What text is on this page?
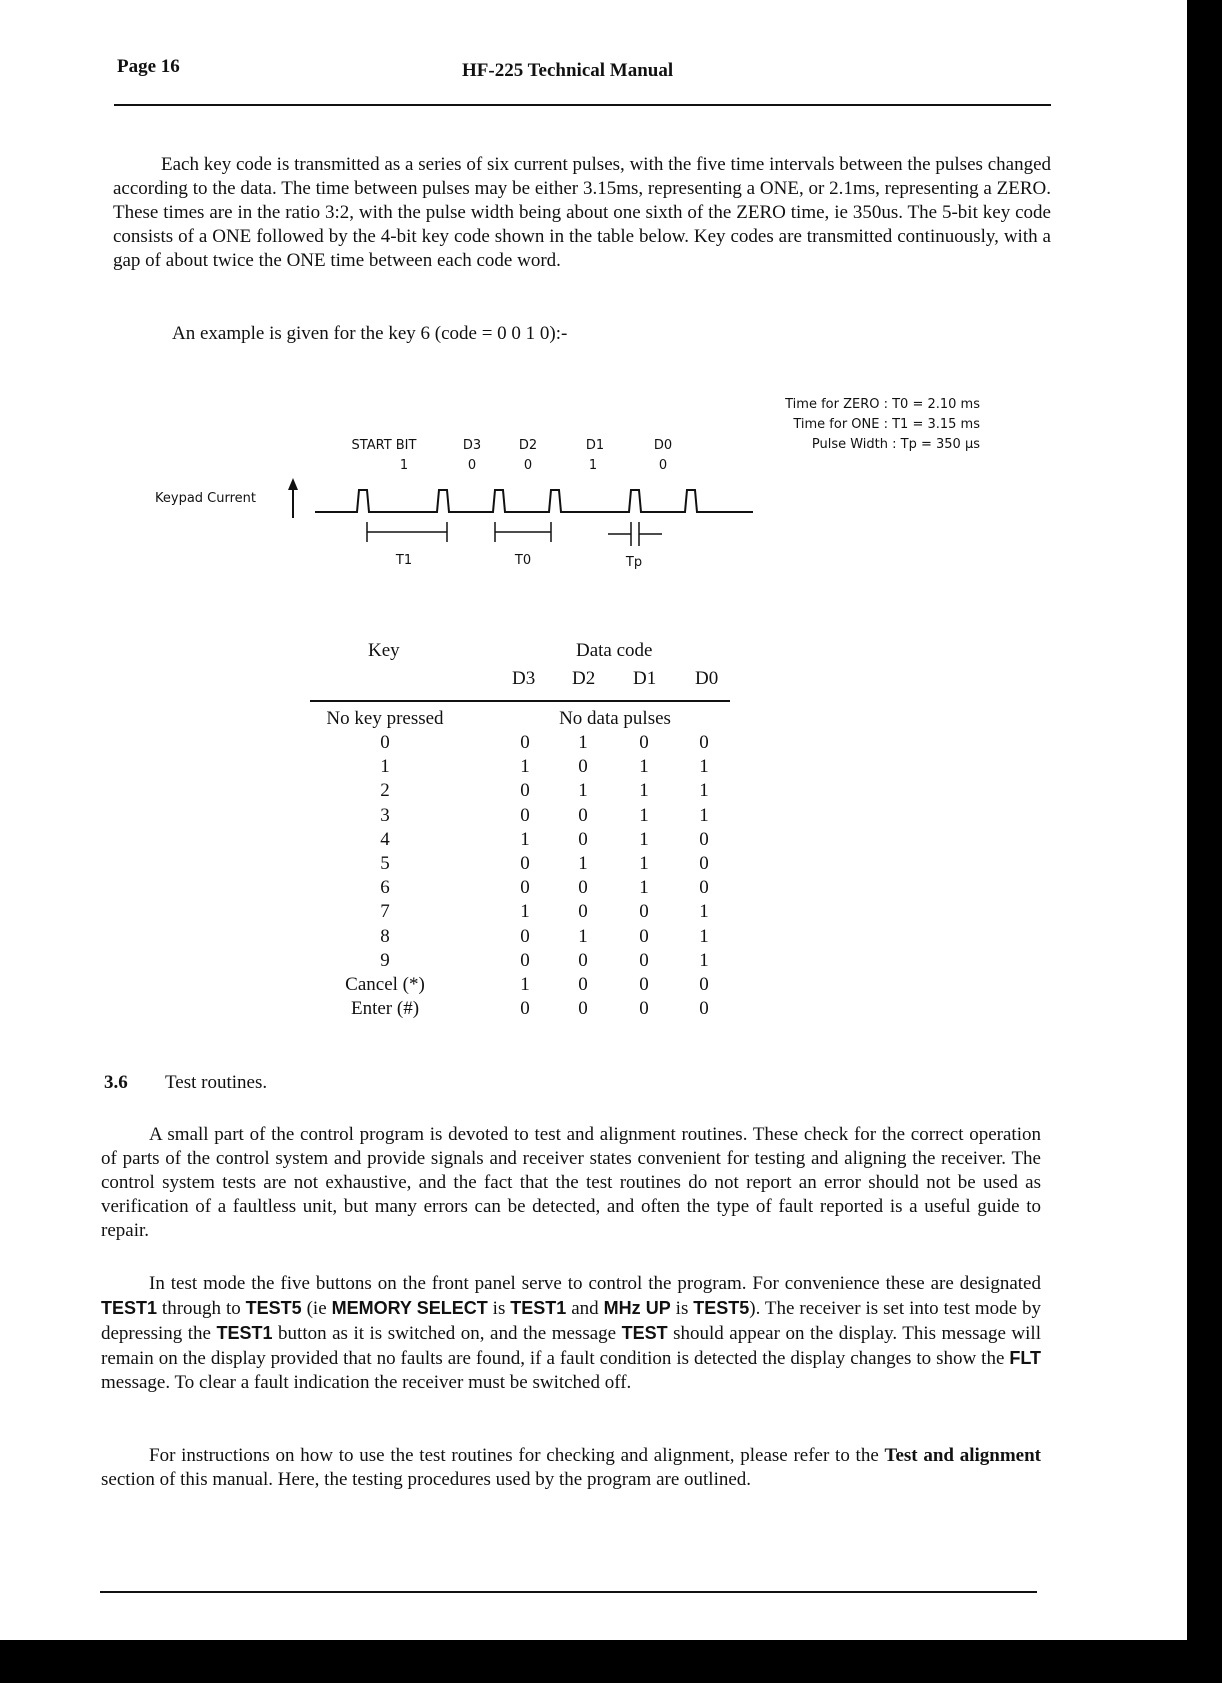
Page 16	HF-225 Technical Manual

Each key code is transmitted as a series of six current pulses, with the five time intervals between the pulses changed according to the data. The time between pulses may be either 3.15ms, representing a ONE, or 2.1ms, representing a ZERO. These times are in the ratio 3:2, with the pulse width being about one sixth of the ZERO time, ie 350us. The 5-bit key code consists of a ONE followed by the 4-bit key code shown in the table below. Key codes are transmitted continuously, with a gap of about twice the ONE time between each code word.

An example is given for the key 6 (code = 0 0 1 0):-

Time for ZERO : T0 = 2.10 ms
Time for ONE : T1 = 3.15 ms
Pulse Width : Tp = 350 µs
START BIT
1
D3
0
D2
0
D1
1
D0
0
Keypad Current
T1	T0	Tp
Key	Data code
D3 D2 D1 D0
No key pressed	No data pulses
0	0	1	0	0
1	1	0	1	1
2	0	1	1	1
3	0	0	1	1
4	1	0	1	0
5	0	1	1	0
6	0	0	1	0
7	1	0	0	1
8	0	1	0	1
9	0	0	0	1
Cancel (*)	1	0	0	0
Enter (#)	0	0	0	0
3.6 Test routines.

A small part of the control program is devoted to test and alignment routines. These check for the correct operation of parts of the control system and provide signals and receiver states convenient for testing and aligning the receiver. The control system tests are not exhaustive, and the fact that the test routines do not report an error should not be used as verification of a faultless unit, but many errors can be detected, and often the type of fault reported is a useful guide to repair.

In test mode the five buttons on the front panel serve to control the program. For convenience these are designated TEST1 through to TEST5 (ie MEMORY SELECT is TEST1 and MHz UP is TEST5). The receiver is set into test mode by depressing the TEST1 button as it is switched on, and the message TEST should appear on the display. This message will remain on the display provided that no faults are found, if a fault condition is detected the display changes to show the FLT message. To clear a fault indication the receiver must be switched off.

For instructions on how to use the test routines for checking and alignment, please refer to the Test and alignment section of this manual. Here, the testing procedures used by the program are outlined.
